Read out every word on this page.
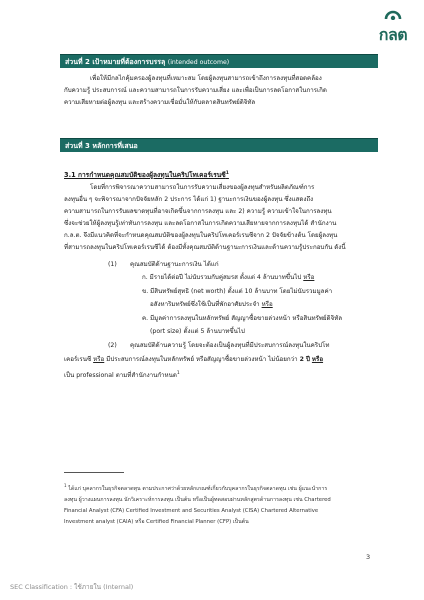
กลต
ส่วนที่ 2 เป้าหมายที่ต้องการบรรลุ (intended outcome)
เพื่อให้มีกลไกคุ้มครองผู้ลงทุนที่เหมาะสม โดยผู้ลงทุนสามารถเข้าถึงการลงทุนที่สอดคล้อง
กับความรู้ ประสบการณ์ และความสามารถในการรับความเสี่ยง และเพื่อเป็นการลดโอกาสในการเกิด
ความเสียหายต่อผู้ลงทุน และสร้างความเชื่อมั่นให้กับตลาดสินทรัพย์ดิจิทัล
ส่วนที่ 3 หลักการที่เสนอ
3.1 การกำหนดคุณสมบัติของผู้ลงทุนในคริปโทเคอร์เรนซี$^1$
โดยที่การพิจารณาความสามารถในการรับความเสี่ยงของผู้ลงทุนสำหรับผลิตภัณฑ์การ
ลงทุนอื่น ๆ จะพิจารณาจากปัจจัยหลัก 2 ประการ ได้แก่ 1) ฐานะการเงินของผู้ลงทุน ซึ่งแสดงถึง
ความสามารถในการรับผลขาดทุนที่อาจเกิดขึ้นจากการลงทุน และ 2) ความรู้ ความเข้าใจในการลงทุน
ซึ่งจะช่วยให้ผู้ลงทุนรู้เท่าทันการลงทุน และลดโอกาสในการเกิดความเสียหายจากการลงทุนได้ สำนักงาน
ก.ล.ต. จึงมีแนวคิดที่จะกำหนดคุณสมบัติของผู้ลงทุนในคริปโทเคอร์เรนซีจาก 2 ปัจจัยข้างต้น โดยผู้ลงทุน
ที่สามารถลงทุนในคริปโทเคอร์เรนซีได้ ต้องมีทั้งคุณสมบัติด้านฐานะการเงินและด้านความรู้ประกอบกัน ดังนี้
(1) คุณสมบัติด้านฐานะการเงิน ได้แก่
ก. มีรายได้ต่อปี ไม่นับรวมกับคู่สมรส ตั้งแต่ 4 ล้านบาทขึ้นไป หรือ
ข. มีสินทรัพย์สุทธิ (net worth) ตั้งแต่ 10 ล้านบาท โดยไม่นับรวมมูลค่า
อสังหาริมทรัพย์ซึ่งใช้เป็นที่พักอาศัยประจำ หรือ
ค. มีมูลค่าการลงทุนในหลักทรัพย์ สัญญาซื้อขายล่วงหน้า หรือสินทรัพย์ดิจิทัล
(port size) ตั้งแต่ 5 ล้านบาทขึ้นไป
(2) คุณสมบัติด้านความรู้ โดยจะต้องเป็นผู้ลงทุนที่มีประสบการณ์ลงทุนในคริปโท
เคอร์เรนซี หรือ มีประสบการณ์ลงทุนในหลักทรัพย์ หรือสัญญาซื้อขายล่วงหน้า ไม่น้อยกว่า 2 ปี หรือ
เป็น professional ตามที่สำนักงานกำหนด$^1$
$^1$ ได้แก่ บุคลากรในธุรกิจตลาดทุน ตามประกาศว่าด้วยหลักเกณฑ์เกี่ยวกับบุคลากรในธุรกิจตลาดทุน เช่น ผู้แนะนำการ
ลงทุน ผู้วางแผนการลงทุน นักวิเคราะห์การลงทุน เป็นต้น หรือเป็นผู้ทดสอบผ่านหลักสูตรด้านการลงทุน เช่น Chartered
Financial Analyst (CFA) Certified Investment and Securities Analyst (CISA) Chartered Alternative
Investment analyst (CAIA) หรือ Certified Financial Planner (CFP) เป็นต้น
3
SEC Classification : ใช้ภายใน (Internal)
